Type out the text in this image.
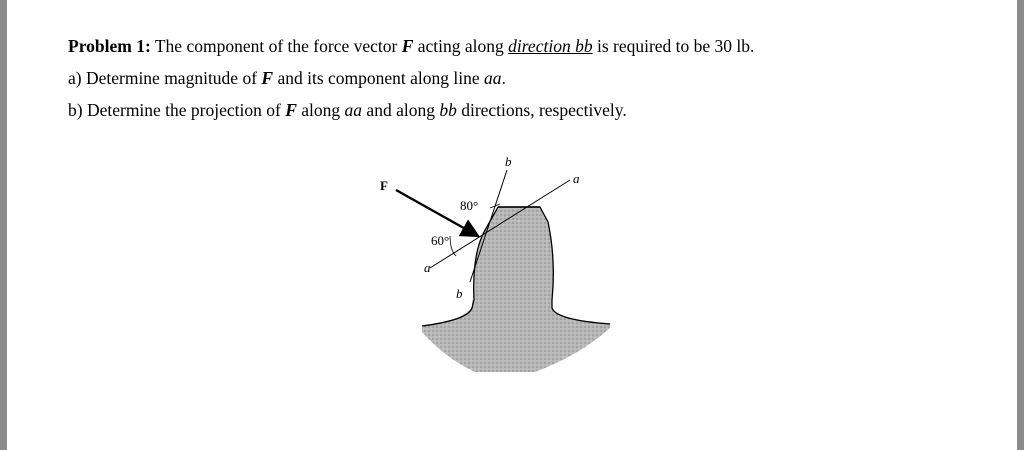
Problem 1: The component of the force vector F acting along direction bb is required to be 30 lb.
a) Determine magnitude of F and its component along line aa.
b) Determine the projection of F along aa and along bb directions, respectively.
F
80°
60°
b
a
a
b
